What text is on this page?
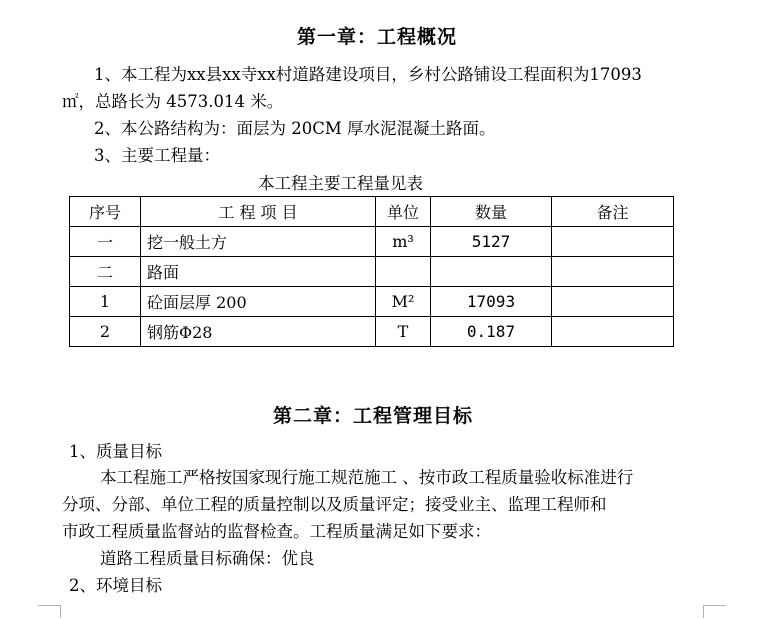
第一章：工程概况
1、本工程为xx县xx寺xx村道路建设项目，乡村公路铺设工程面积为17093
㎡，总路长为 4573.014 米。
2、本公路结构为：面层为 20CM 厚水泥混凝土路面。
3、主要工程量：
本工程主要工程量见表
序号	工 程 项 目	单位	数量	备注
一	挖一般土方	m³	5127	
二	路面			
1	砼面层厚 200	M²	17093	
2	钢筋Φ28	T	0.187	
第二章：工程管理目标
1、质量目标
本工程施工严格按国家现行施工规范施工 、按市政工程质量验收标准进行
分项、分部、单位工程的质量控制以及质量评定；接受业主、监理工程师和
市政工程质量监督站的监督检查。工程质量满足如下要求：
道路工程质量目标确保：优良
2、环境目标
